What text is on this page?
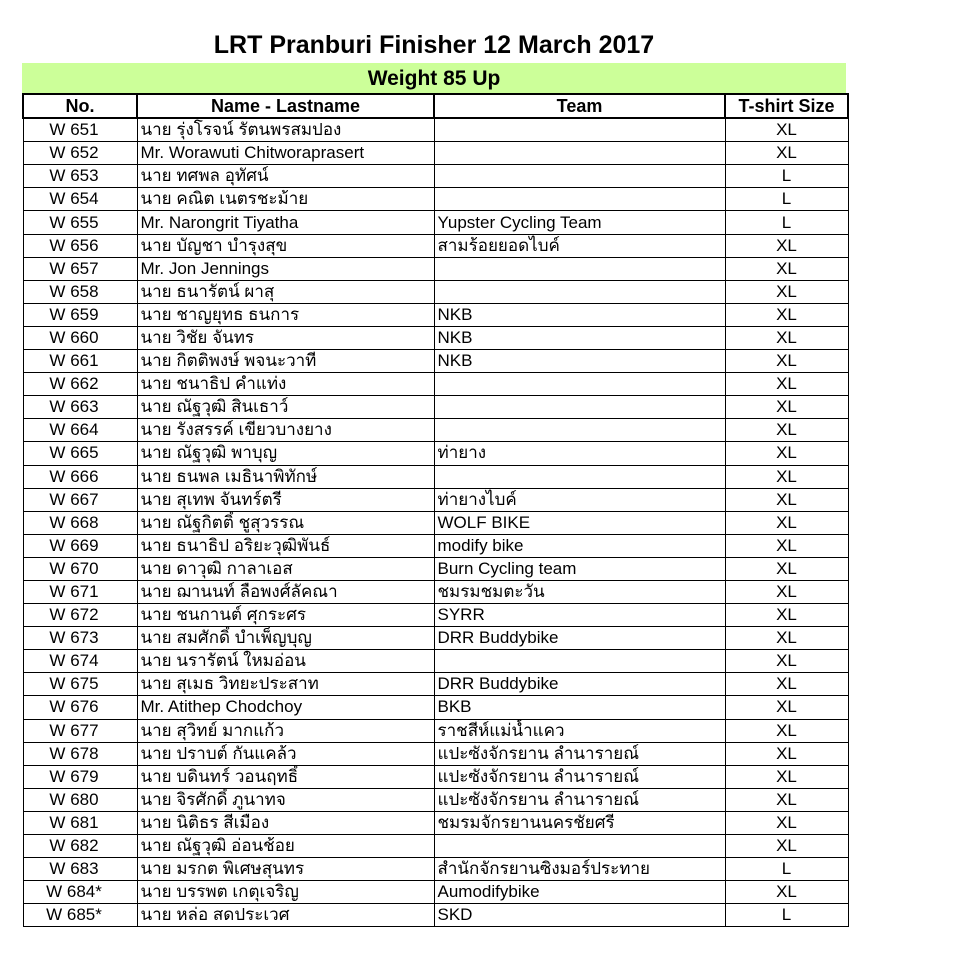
LRT Pranburi Finisher 12 March 2017
Weight 85 Up
No.	Name - Lastname	Team	T-shirt Size
W 651	นาย รุ่งโรจน์ รัตนพรสมปอง		XL
W 652	Mr. Worawuti Chitworaprasert		XL
W 653	นาย ทศพล อุทัศน์		L
W 654	นาย คณิต เนตรชะม้าย		L
W 655	Mr. Narongrit Tiyatha	Yupster Cycling Team	L
W 656	นาย บัญชา บำรุงสุข	สามร้อยยอดไบค์	XL
W 657	Mr. Jon Jennings		XL
W 658	นาย ธนารัตน์ ผาสุ		XL
W 659	นาย ชาญยุทธ ธนการ	NKB	XL
W 660	นาย วิชัย จันทร	NKB	XL
W 661	นาย กิตติพงษ์ พจนะวาที	NKB	XL
W 662	นาย ชนาธิป คำแท่ง		XL
W 663	นาย ณัฐวุฒิ สินเธาว์		XL
W 664	นาย รังสรรค์ เขียวบางยาง		XL
W 665	นาย ณัฐวุฒิ พาบุญ	ท่ายาง	XL
W 666	นาย ธนพล เมธินาพิทักษ์		XL
W 667	นาย สุเทพ จันทร์ตรี	ท่ายางไบค์	XL
W 668	นาย ณัฐกิตติ์ ชูสุวรรณ	WOLF BIKE	XL
W 669	นาย ธนาธิป อริยะวุฒิพันธ์	modify bike	XL
W 670	นาย ดาวุฒิ กาลาเอส	Burn Cycling team	XL
W 671	นาย ฌานนท์ ลือพงศ์ลัคณา	ชมรมชมตะวัน	XL
W 672	นาย ชนกานต์ ศุกระศร	SYRR	XL
W 673	นาย สมศักดิ์ บำเพ็ญบุญ	DRR Buddybike	XL
W 674	นาย นรารัตน์ ใหมอ่อน		XL
W 675	นาย สุเมธ วิทยะประสาท	DRR Buddybike	XL
W 676	Mr. Atithep Chodchoy	BKB	XL
W 677	นาย สุวิทย์ มากแก้ว	ราชสีห์แม่น้ำแคว	XL
W 678	นาย ปราบต์ กันแคล้ว	แปะซังจักรยาน ลำนารายณ์	XL
W 679	นาย บดินทร์ วอนฤทธิ์	แปะซังจักรยาน ลำนารายณ์	XL
W 680	นาย จิรศักดิ์ ภูนาทจ	แปะซังจักรยาน ลำนารายณ์	XL
W 681	นาย นิติธร สีเมือง	ชมรมจักรยานนครชัยศรี	XL
W 682	นาย ณัฐวุฒิ อ่อนช้อย		XL
W 683	นาย มรกต พิเศษสุนทร	สำนักจักรยานซิงมอร์ประทาย	L
W 684*	นาย บรรพต เกตุเจริญ	Aumodifybike	XL
W 685*	นาย หล่อ สดประเวศ	SKD	L
